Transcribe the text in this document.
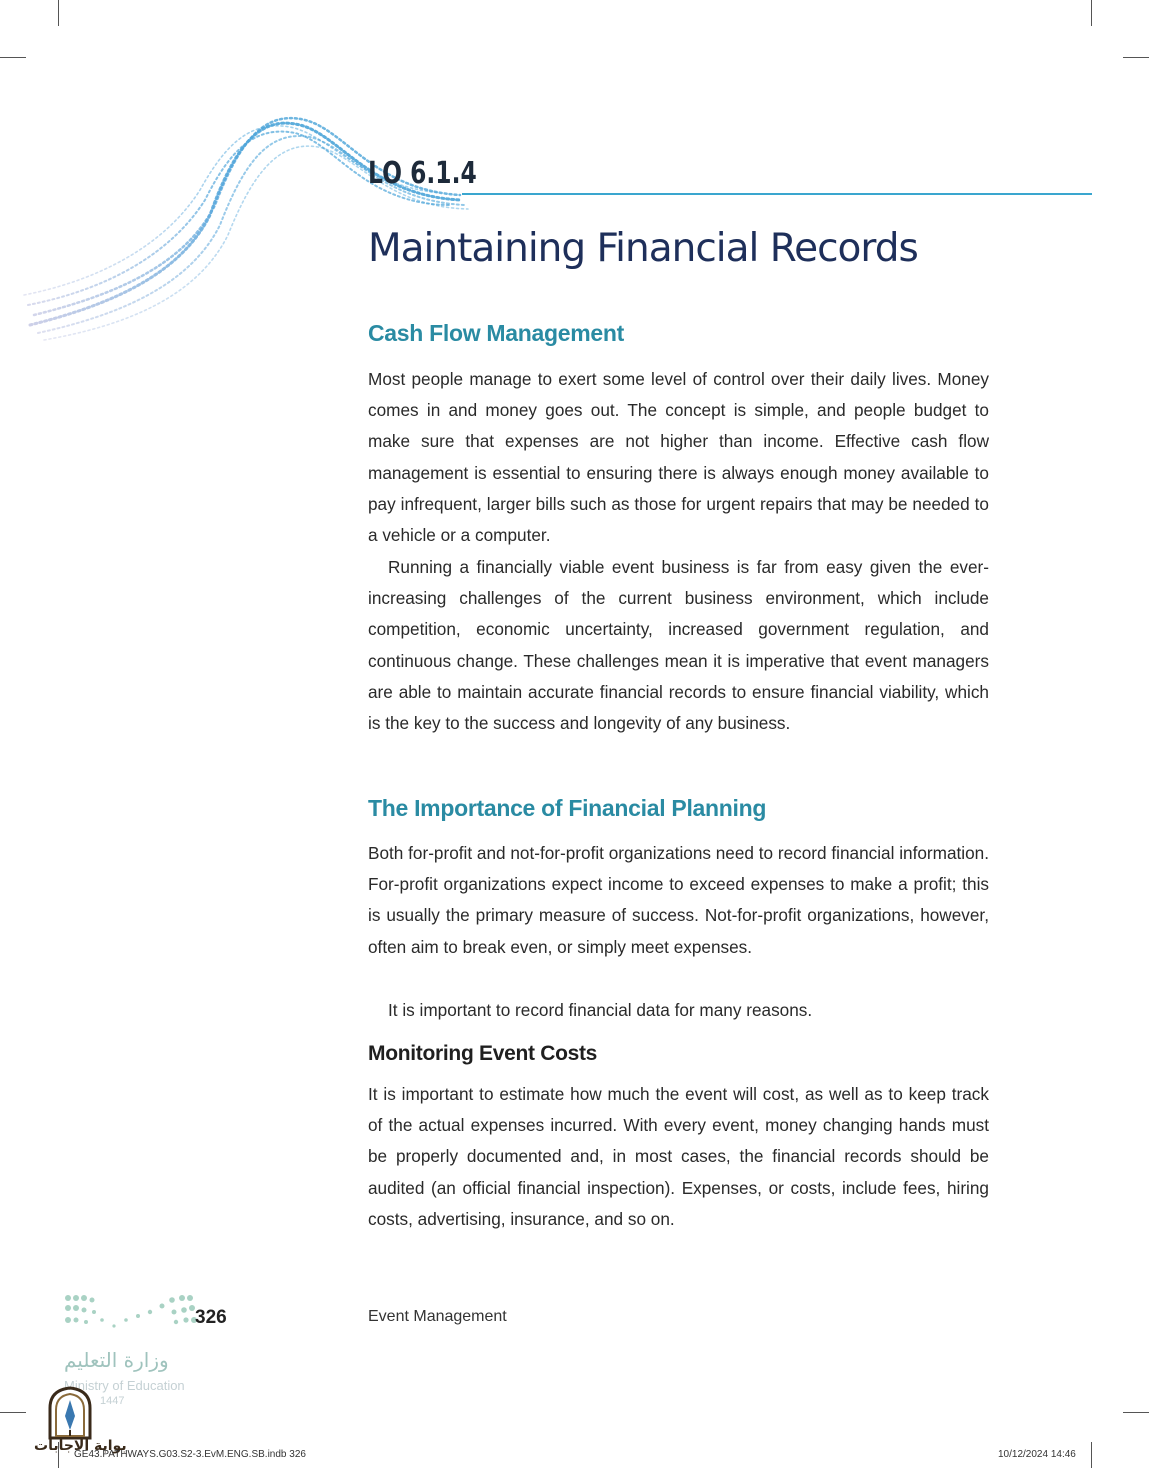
LO 6.1.4
Maintaining Financial Records
Cash Flow Management

Most people manage to exert some level of control over their daily lives. Money comes in and money goes out. The concept is simple, and people budget to make sure that expenses are not higher than income. Effective cash flow management is essential to ensuring there is always enough money available to pay infrequent, larger bills such as those for urgent repairs that may be needed to a vehicle or a computer.

Running a financially viable event business is far from easy given the ever-increasing challenges of the current business environment, which include competition, economic uncertainty, increased government regulation, and continuous change. These challenges mean it is imperative that event managers are able to maintain accurate financial records to ensure financial viability, which is the key to the success and longevity of any business.

The Importance of Financial Planning

Both for-profit and not-for-profit organizations need to record financial information. For-profit organizations expect income to exceed expenses to make a profit; this is usually the primary measure of success. Not-for-profit organizations, however, often aim to break even, or simply meet expenses.

It is important to record financial data for many reasons.

Monitoring Event Costs

It is important to estimate how much the event will cost, as well as to keep track of the actual expenses incurred. With every event, money changing hands must be properly documented and, in most cases, the financial records should be audited (an official financial inspection). Expenses, or costs, include fees, hiring costs, advertising, insurance, and so on.

326	Event Management
وزارة التعليم
Ministry of Education
1447
بوابة الاجابات
GE43.PATHWAYS.G03.S2-3.EvM.ENG.SB.indb 326	10/12/2024 14:46
